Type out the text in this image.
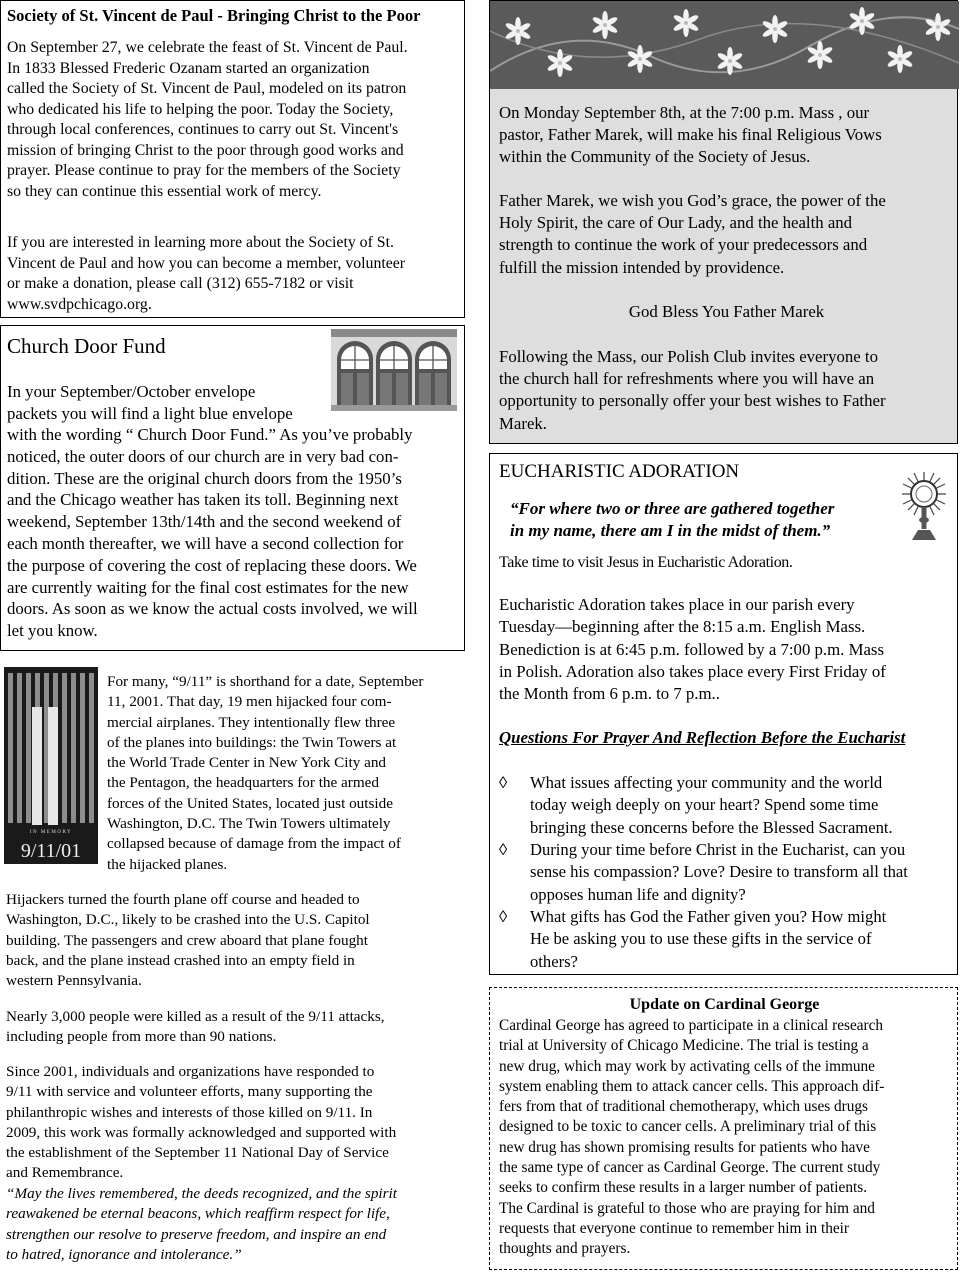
Society of St. Vincent de Paul - Bringing Christ to the Poor

On September 27, we celebrate the feast of St. Vincent de Paul.
In 1833 Blessed Frederic Ozanam started an organization
called the Society of St. Vincent de Paul, modeled on its patron
who dedicated his life to helping the poor. Today the Society,
through local conferences, continues to carry out St. Vincent's
mission of bringing Christ to the poor through good works and
prayer. Please continue to pray for the members of the Society
so they can continue this essential work of mercy.

If you are interested in learning more about the Society of St.
Vincent de Paul and how you can become a member, volunteer
or make a donation, please call (312) 655-7182 or visit
www.svdpchicago.org.

Church Door Fund

In your September/October envelope
packets you will find a light blue envelope

with the wording “ Church Door Fund.” As you’ve probably
noticed, the outer doors of our church are in very bad con-
dition. These are the original church doors from the 1950’s
and the Chicago weather has taken its toll. Beginning next
weekend, September 13th/14th and the second weekend of
each month thereafter, we will have a second collection for
the purpose of covering the cost of replacing these doors. We
are currently waiting for the final cost estimates for the new
doors. As soon as we know the actual costs involved, we will
let you know.

IN MEMORY
9/11/01

For many, “9/11” is shorthand for a date, September
11, 2001. That day, 19 men hijacked four com-
mercial airplanes. They intentionally flew three
of the planes into buildings: the Twin Towers at
the World Trade Center in New York City and
the Pentagon, the headquarters for the armed
forces of the United States, located just outside
Washington, D.C. The Twin Towers ultimately
collapsed because of damage from the impact of
the hijacked planes.

Hijackers turned the fourth plane off course and headed to
Washington, D.C., likely to be crashed into the U.S. Capitol
building. The passengers and crew aboard that plane fought
back, and the plane instead crashed into an empty field in
western Pennsylvania.

Nearly 3,000 people were killed as a result of the 9/11 attacks,
including people from more than 90 nations.

Since 2001, individuals and organizations have responded to
9/11 with service and volunteer efforts, many supporting the
philanthropic wishes and interests of those killed on 9/11. In
2009, this work was formally acknowledged and supported with
the establishment of the September 11 National Day of Service
and Remembrance.

“May the lives remembered, the deeds recognized, and the spirit
reawakened be eternal beacons, which reaffirm respect for life,
strengthen our resolve to preserve freedom, and inspire an end
to hatred, ignorance and intolerance.”

On Monday September 8th, at the 7:00 p.m. Mass , our
pastor, Father Marek, will make his final Religious Vows
within the Community of the Society of Jesus.

Father Marek, we wish you God’s grace, the power of the
Holy Spirit, the care of Our Lady, and the health and
strength to continue the work of your predecessors and
fulfill the mission intended by providence.

God Bless You Father Marek

Following the Mass, our Polish Club invites everyone to
the church hall for refreshments where you will have an
opportunity to personally offer your best wishes to Father
Marek.

EUCHARISTIC ADORATION

“For where two or three are gathered together
in my name, there am I in the midst of them.”

Take time to visit Jesus in Eucharistic Adoration.

Eucharistic Adoration takes place in our parish every
Tuesday—beginning after the 8:15 a.m. English Mass.
Benediction is at 6:45 p.m. followed by a 7:00 p.m. Mass
in Polish. Adoration also takes place every First Friday of
the Month from 6 p.m. to 7 p.m..

Questions For Prayer And Reflection Before the Eucharist

◊ What issues affecting your community and the world
today weigh deeply on your heart? Spend some time
bringing these concerns before the Blessed Sacrament.

◊ During your time before Christ in the Eucharist, can you
sense his compassion? Love? Desire to transform all that
opposes human life and dignity?

◊ What gifts has God the Father given you? How might
He be asking you to use these gifts in the service of
others?

Update on Cardinal George

Cardinal George has agreed to participate in a clinical research
trial at University of Chicago Medicine. The trial is testing a
new drug, which may work by activating cells of the immune
system enabling them to attack cancer cells. This approach dif-
fers from that of traditional chemotherapy, which uses drugs
designed to be toxic to cancer cells. A preliminary trial of this
new drug has shown promising results for patients who have
the same type of cancer as Cardinal George. The current study
seeks to confirm these results in a larger number of patients.
The Cardinal is grateful to those who are praying for him and
requests that everyone continue to remember him in their
thoughts and prayers.
